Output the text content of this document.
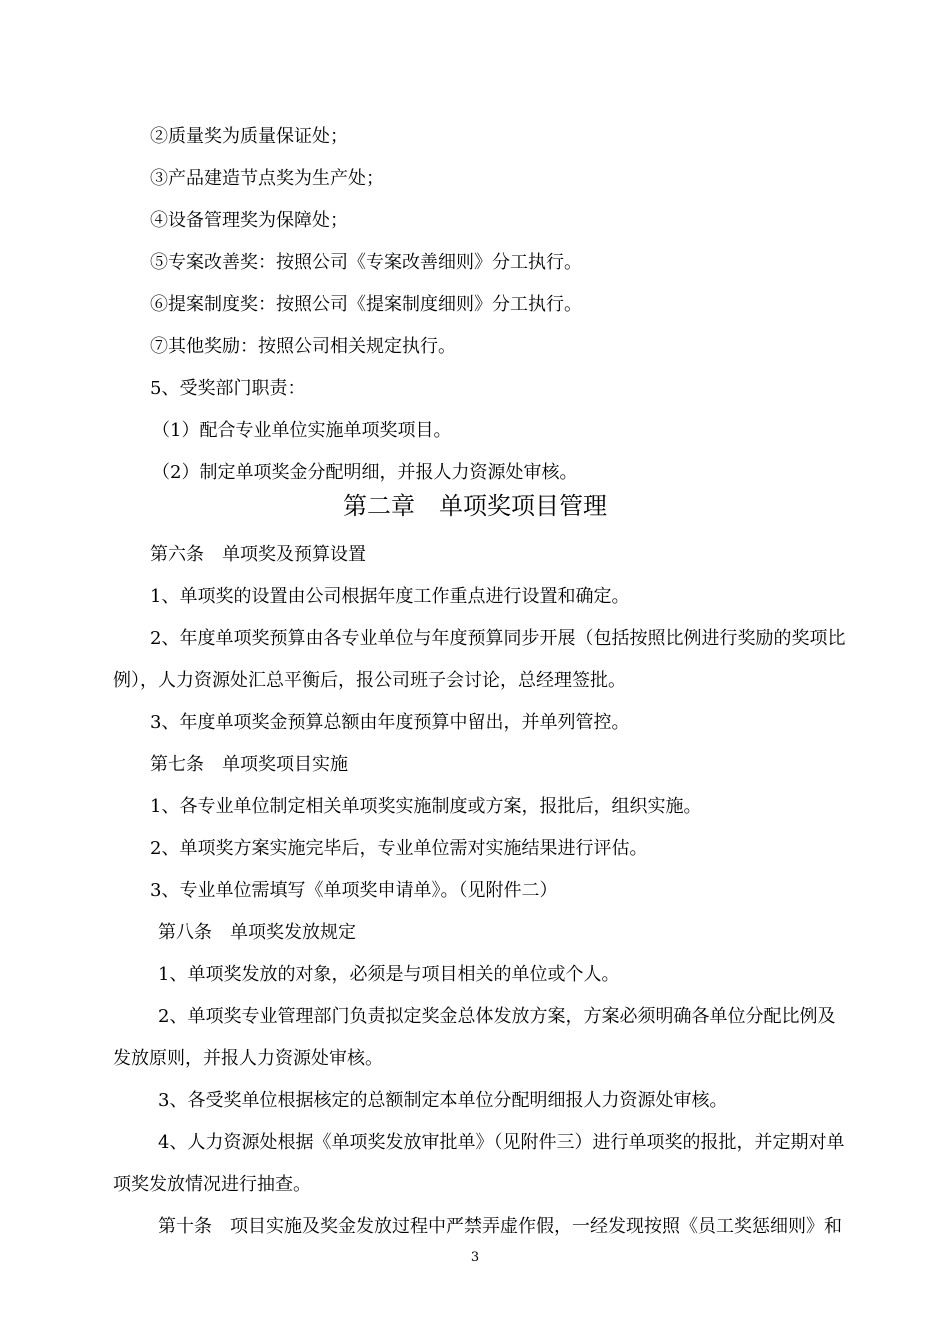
②质量奖为质量保证处；
③产品建造节点奖为生产处；
④设备管理奖为保障处；
⑤专案改善奖：按照公司《专案改善细则》分工执行。
⑥提案制度奖：按照公司《提案制度细则》分工执行。
⑦其他奖励：按照公司相关规定执行。
5、受奖部门职责：
（1）配合专业单位实施单项奖项目。
（2）制定单项奖金分配明细，并报人力资源处审核。
第二章　单项奖项目管理
第六条　单项奖及预算设置
1、单项奖的设置由公司根据年度工作重点进行设置和确定。
2、年度单项奖预算由各专业单位与年度预算同步开展（包括按照比例进行奖励的奖项比
例），人力资源处汇总平衡后，报公司班子会讨论，总经理签批。
3、年度单项奖金预算总额由年度预算中留出，并单列管控。
第七条　单项奖项目实施
1、各专业单位制定相关单项奖实施制度或方案，报批后，组织实施。
2、单项奖方案实施完毕后，专业单位需对实施结果进行评估。
3、专业单位需填写《单项奖申请单》。（见附件二）
第八条　单项奖发放规定
1、单项奖发放的对象，必须是与项目相关的单位或个人。
2、单项奖专业管理部门负责拟定奖金总体发放方案，方案必须明确各单位分配比例及
发放原则，并报人力资源处审核。
3、各受奖单位根据核定的总额制定本单位分配明细报人力资源处审核。
4、人力资源处根据《单项奖发放审批单》（见附件三）进行单项奖的报批，并定期对单
项奖发放情况进行抽查。
第十条　项目实施及奖金发放过程中严禁弄虚作假，一经发现按照《员工奖惩细则》和
3
